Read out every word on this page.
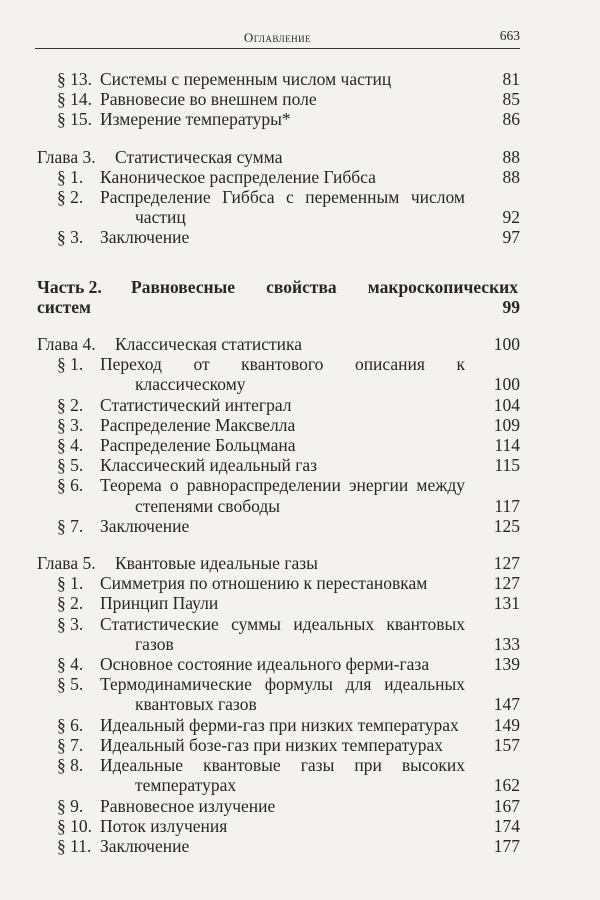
Оглавление	663
§ 13. Системы с переменным числом частиц	81
§ 14. Равновесие во внешнем поле	85
§ 15. Измерение температуры*	86
Глава 3.	Статистическая сумма	88
§ 1. Каноническое распределение Гиббса	88
§ 2. Распределение Гиббса с переменным числом
частиц	92
§ 3. Заключение	97
Часть 2.	Равновесные свойства макроскопических
систем	99
Глава 4.	Классическая статистика	100
§ 1. Переход от квантового описания к
классическому	100
§ 2. Статистический интеграл	104
§ 3. Распределение Максвелла	109
§ 4. Распределение Больцмана	114
§ 5. Классический идеальный газ	115
§ 6. Теорема о равнораспределении энергии между
степенями свободы	117
§ 7. Заключение	125
Глава 5.	Квантовые идеальные газы	127
§ 1. Симметрия по отношению к перестановкам	127
§ 2. Принцип Паули	131
§ 3. Статистические суммы идеальных квантовых
газов	133
§ 4. Основное состояние идеального ферми-газа	139
§ 5. Термодинамические формулы для идеальных
квантовых газов	147
§ 6. Идеальный ферми-газ при низких температурах 149
§ 7. Идеальный бозе-газ при низких температурах	157
§ 8. Идеальные квантовые газы при высоких
температурах	162
§ 9. Равновесное излучение	167
§ 10. Поток излучения	174
§ 11. Заключение	177
